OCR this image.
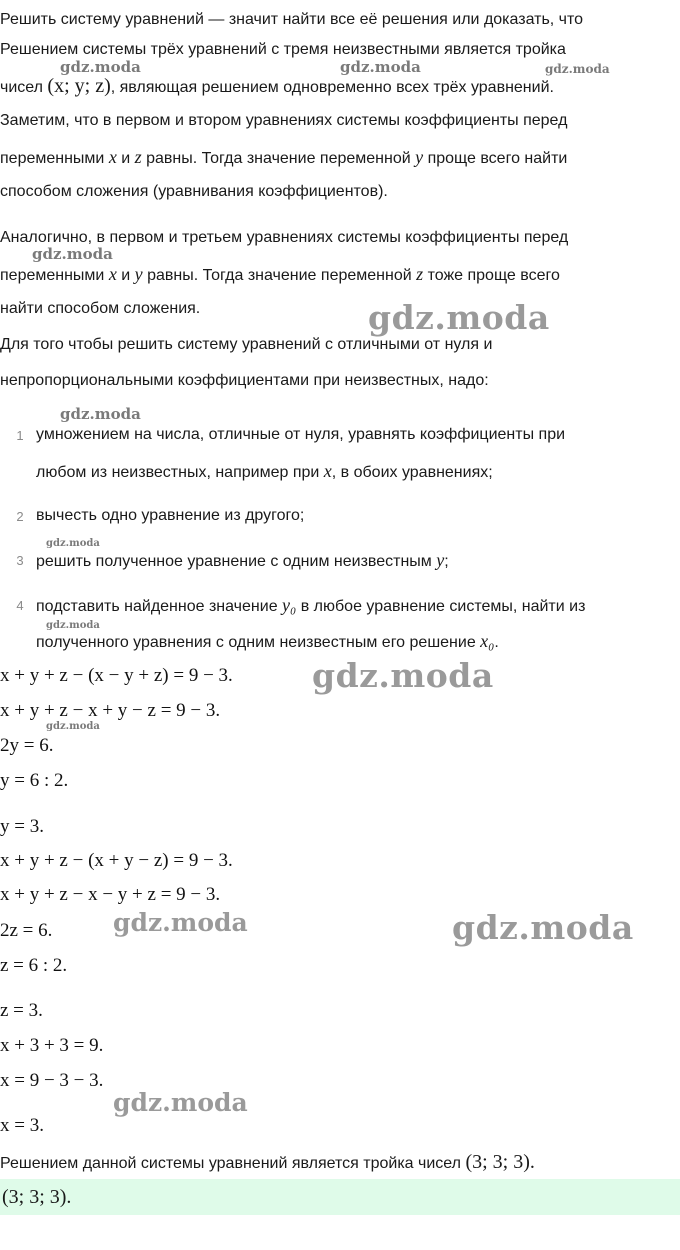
Решить систему уравнений — значит найти все её решения или доказать, что
Решением системы трёх уравнений с тремя неизвестными является тройка
чисел (x; y; z), являющая решением одновременно всех трёх уравнений.
Заметим, что в первом и втором уравнениях системы коэффициенты перед
переменными x и z равны. Тогда значение переменной y проще всего найти
способом сложения (уравнивания коэффициентов).
Аналогично, в первом и третьем уравнениях системы коэффициенты перед
переменными x и y равны. Тогда значение переменной z тоже проще всего
найти способом сложения.
Для того чтобы решить систему уравнений с отличными от нуля и
непропорциональными коэффициентами при неизвестных, надо:
1 умножением на числа, отличные от нуля, уравнять коэффициенты при
любом из неизвестных, например при x, в обоих уравнениях;
2 вычесть одно уравнение из другого;
3 решить полученное уравнение с одним неизвестным y;
4 подставить найденное значение y₀ в любое уравнение системы, найти из
полученного уравнения с одним неизвестным его решение x₀.
x + y + z − (x − y + z) = 9 − 3.
x + y + z − x + y − z = 9 − 3.
2y = 6.
y = 6 : 2.
y = 3.
x + y + z − (x + y − z) = 9 − 3.
x + y + z − x − y + z = 9 − 3.
2z = 6.
z = 6 : 2.
z = 3.
x + 3 + 3 = 9.
x = 9 − 3 − 3.
x = 3.
Решением данной системы уравнений является тройка чисел (3; 3; 3).
(3; 3; 3).
gdz.moda	gdz.moda	gdz.moda
gdz.moda
gdz.moda
gdz.moda
gdz.moda
gdz.moda
gdz.moda
gdz.moda
gdz.moda	gdz.moda
gdz.moda
